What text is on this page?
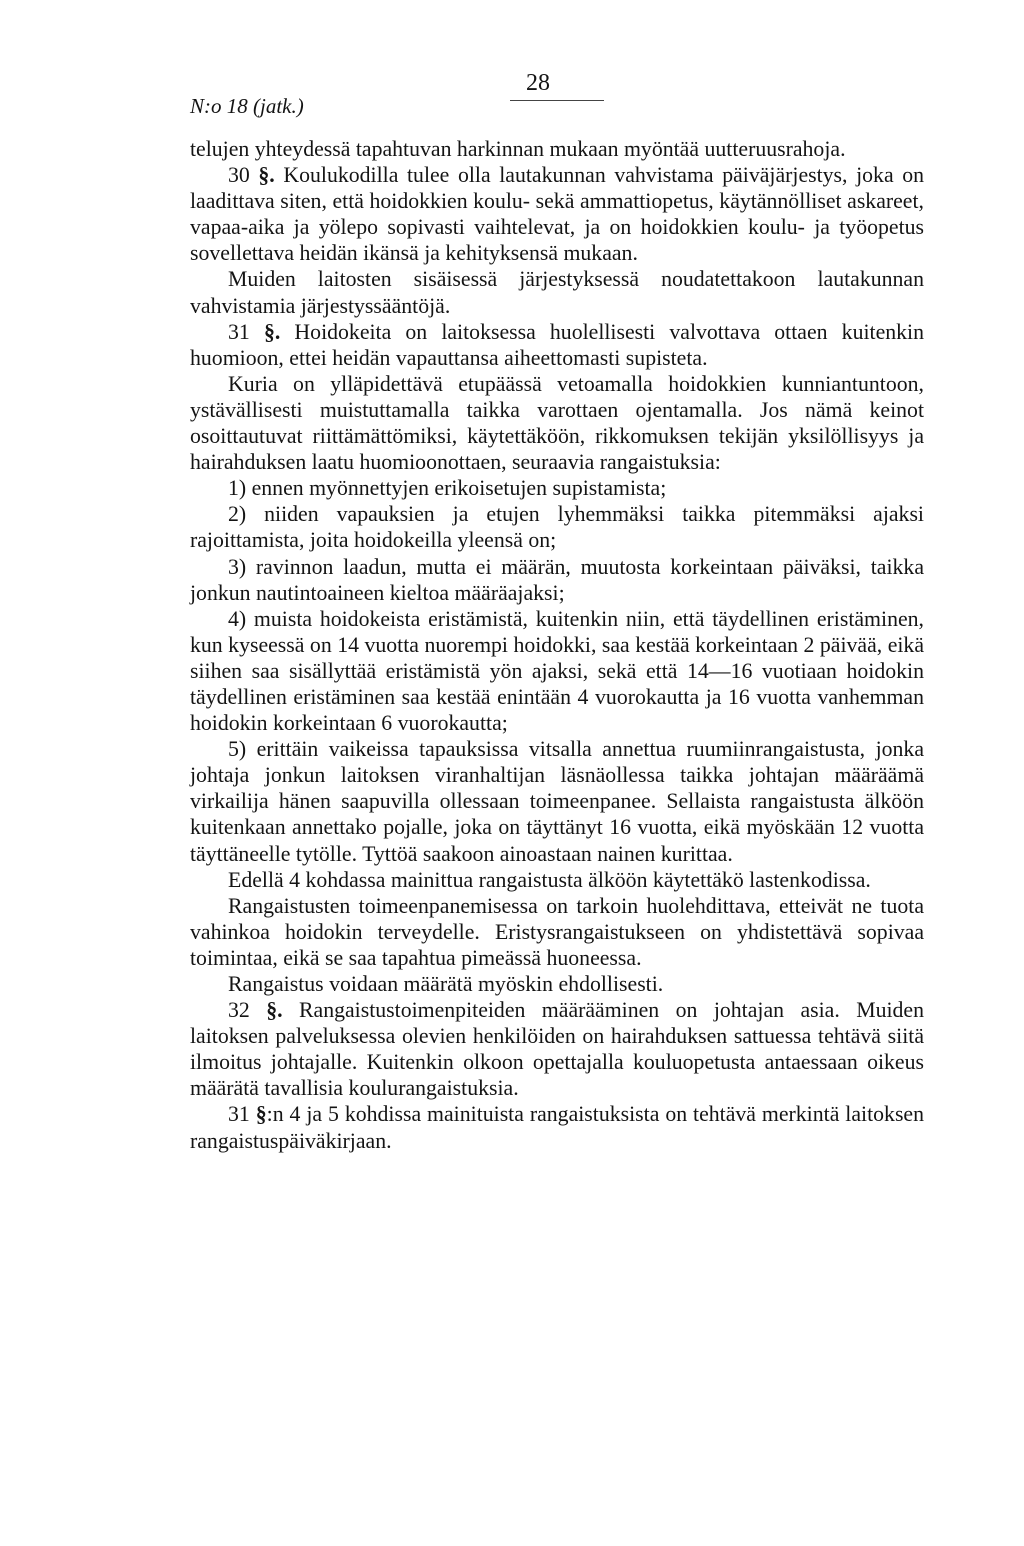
N:o 18 (jatk.)
28

telujen yhteydessä tapahtuvan harkinnan mukaan myöntää uutteruusrahoja.

30 §. Koulukodilla tulee olla lautakunnan vahvistama päiväjärjestys, joka on laadittava siten, että hoidokkien koulu- sekä ammattiopetus, käytännölliset askareet, vapaa-aika ja yölepo sopivasti vaihtelevat, ja on hoidokkien koulu- ja työopetus sovellettava heidän ikänsä ja kehityksensä mukaan.

Muiden laitosten sisäisessä järjestyksessä noudatettakoon lautakunnan vahvistamia järjestyssääntöjä.

31 §. Hoidokeita on laitoksessa huolellisesti valvottava ottaen kuitenkin huomioon, ettei heidän vapauttansa aiheettomasti supisteta.

Kuria on ylläpidettävä etupäässä vetoamalla hoidokkien kunniantuntoon, ystävällisesti muistuttamalla taikka varottaen ojentamalla. Jos nämä keinot osoittautuvat riittämättömiksi, käytettäköön, rikkomuksen tekijän yksilöllisyys ja hairahduksen laatu huomioonottaen, seuraavia rangaistuksia:

1) ennen myönnettyjen erikoisetujen supistamista;

2) niiden vapauksien ja etujen lyhemmäksi taikka pitemmäksi ajaksi rajoittamista, joita hoidokeilla yleensä on;

3) ravinnon laadun, mutta ei määrän, muutosta korkeintaan päiväksi, taikka jonkun nautintoaineen kieltoa määräajaksi;

4) muista hoidokeista eristämistä, kuitenkin niin, että täydellinen eristäminen, kun kyseessä on 14 vuotta nuorempi hoidokki, saa kestää korkeintaan 2 päivää, eikä siihen saa sisällyttää eristämistä yön ajaksi, sekä että 14—16 vuotiaan hoidokin täydellinen eristäminen saa kestää enintään 4 vuorokautta ja 16 vuotta vanhemman hoidokin korkeintaan 6 vuorokautta;

5) erittäin vaikeissa tapauksissa vitsalla annettua ruumiinrangaistusta, jonka johtaja jonkun laitoksen viranhaltijan läsnäollessa taikka johtajan määräämä virkailija hänen saapuvilla ollessaan toimeenpanee. Sellaista rangaistusta älköön kuitenkaan annettako pojalle, joka on täyttänyt 16 vuotta, eikä myöskään 12 vuotta täyttäneelle tytölle. Tyttöä saakoon ainoastaan nainen kurittaa.

Edellä 4 kohdassa mainittua rangaistusta älköön käytettäkö lastenkodissa.

Rangaistusten toimeenpanemisessa on tarkoin huolehdittava, etteivät ne tuota vahinkoa hoidokin terveydelle. Eristysrangaistukseen on yhdistettävä sopivaa toimintaa, eikä se saa tapahtua pimeässä huoneessa.

Rangaistus voidaan määrätä myöskin ehdollisesti.

32 §. Rangaistustoimenpiteiden määrääminen on johtajan asia. Muiden laitoksen palveluksessa olevien henkilöiden on hairahduksen sattuessa tehtävä siitä ilmoitus johtajalle. Kuitenkin olkoon opettajalla kouluopetusta antaessaan oikeus määrätä tavallisia koulurangaistuksia.

31 §:n 4 ja 5 kohdissa mainituista rangaistuksista on tehtävä merkintä laitoksen rangaistuspäiväkirjaan.
